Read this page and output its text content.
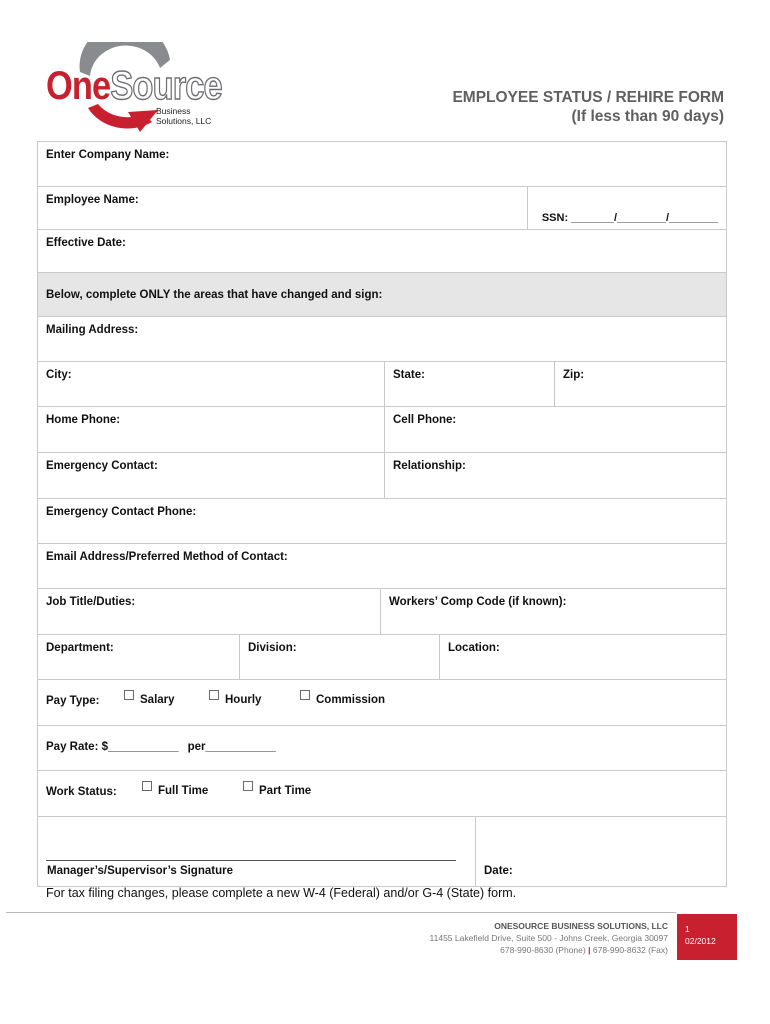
OneSource
Business
Solutions, LLC
EMPLOYEE STATUS / REHIRE FORM
(If less than 90 days)
Enter Company Name:
Employee Name:
SSN: _______/________/________
Effective Date:
Below, complete ONLY the areas that have changed and sign:
Mailing Address:
City:	State:	Zip:
Home Phone:	Cell Phone:
Emergency Contact:	Relationship:
Emergency Contact Phone:
Email Address/Preferred Method of Contact:
Job Title/Duties:	Workers’ Comp Code (if known):
Department:	Division:	Location:
Pay Type:	Salary	Hourly	Commission
Pay Rate: $___________ per___________
Work Status:	Full Time	Part Time
Manager’s/Supervisor’s Signature	Date:
For tax filing changes, please complete a new W-4 (Federal) and/or G-4 (State) form.
ONESOURCE BUSINESS SOLUTIONS, LLC
11455 Lakefield Drive, Suite 500 - Johns Creek, Georgia 30097
678-990-8630 (Phone) | 678-990-8632 (Fax)
1
02/2012
